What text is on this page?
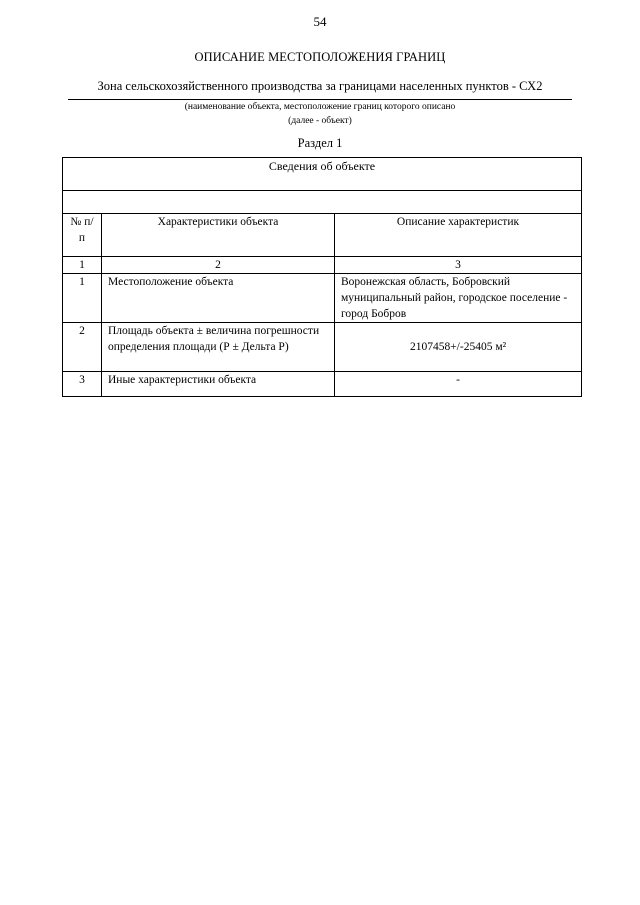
54
ОПИСАНИЕ МЕСТОПОЛОЖЕНИЯ ГРАНИЦ
Зона сельскохозяйственного производства за границами населенных пунктов - СХ2
(наименование объекта, местоположение границ которого описано
(далее - объект)
Раздел 1
Сведения об объекте		

№ п/п	Характеристики объекта	Описание характеристик
1	2	3
1	Местоположение объекта	Воронежская область, Бобровский муниципальный район, городское поселение - город Бобров
2	Площадь объекта ± величина погрешности определения площади (Р ± Дельта Р)	2107458+/-25405 м²
3	Иные характеристики объекта	-
